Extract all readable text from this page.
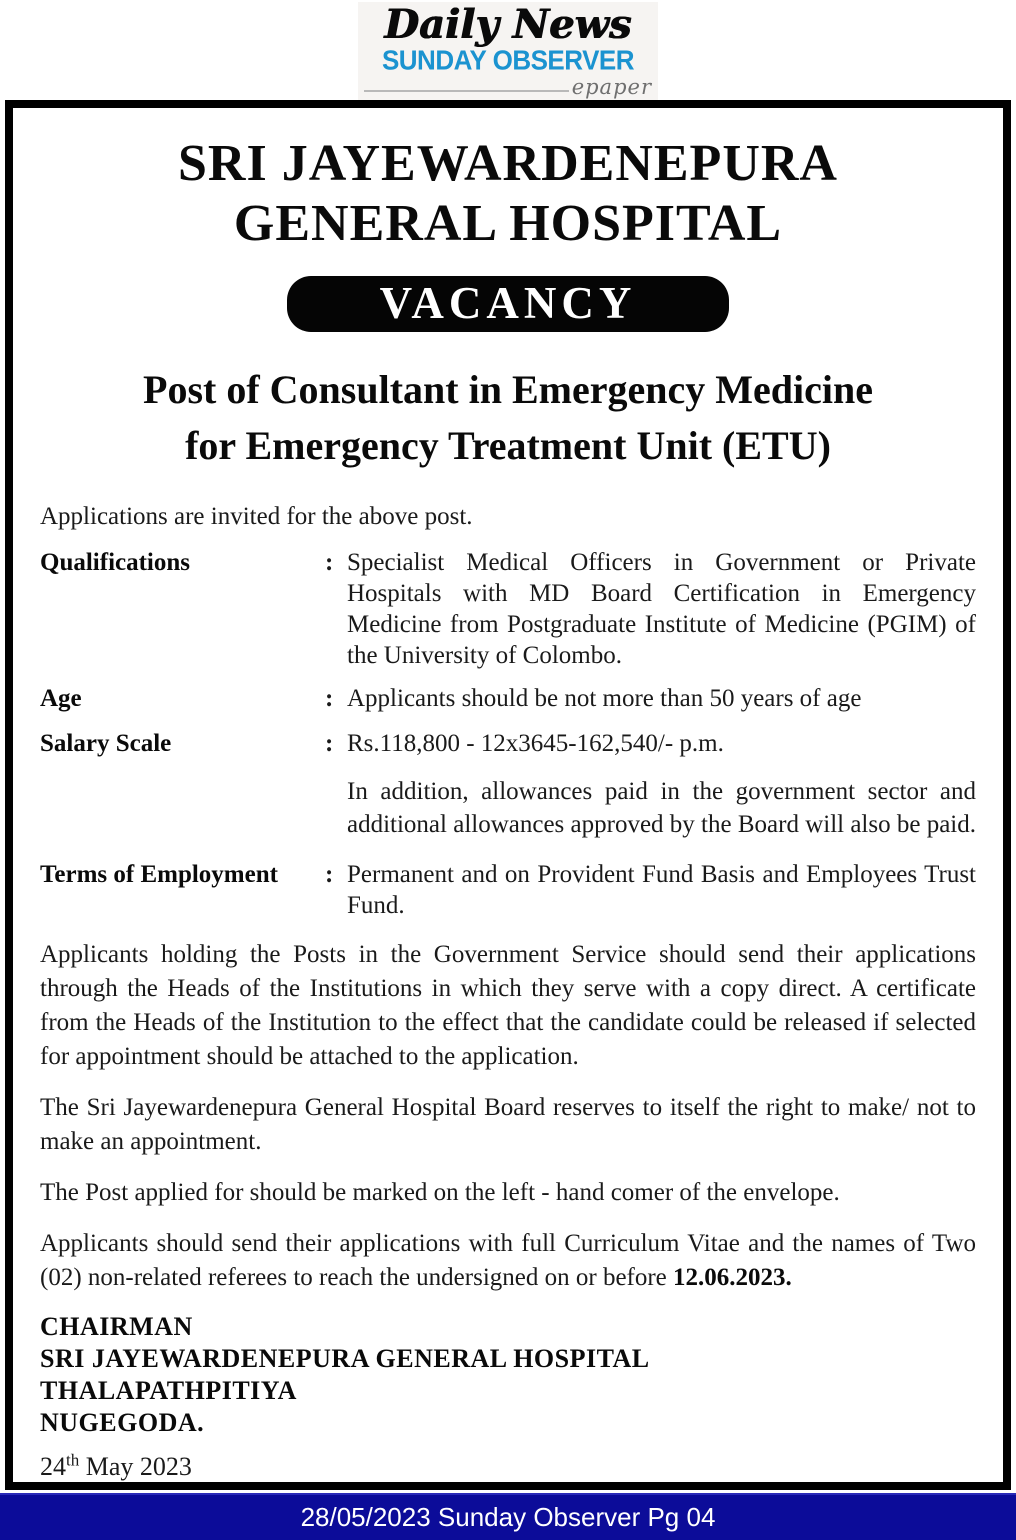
Daily News
SUNDAY OBSERVER
epaper
SRI JAYEWARDENEPURA
GENERAL HOSPITAL
VACANCY
Post of Consultant in Emergency Medicine
for Emergency Treatment Unit (ETU)

Applications are invited for the above post.

Qualifications	: Specialist Medical Officers in Government or Private Hospitals with MD Board Certification in Emergency Medicine from Postgraduate Institute of Medicine (PGIM) of the University of Colombo.
Age	: Applicants should be not more than 50 years of age
Salary Scale	: Rs.118,800 - 12x3645-162,540/- p.m.
In addition, allowances paid in the government sector and additional allowances approved by the Board will also be paid.
Terms of Employment	: Permanent and on Provident Fund Basis and Employees Trust Fund.

Applicants holding the Posts in the Government Service should send their applications through the Heads of the Institutions in which they serve with a copy direct. A certificate from the Heads of the Institution to the effect that the candidate could be released if selected for appointment should be attached to the application.

The Sri Jayewardenepura General Hospital Board reserves to itself the right to make/ not to make an appointment.

The Post applied for should be marked on the left - hand comer of the envelope.

Applicants should send their applications with full Curriculum Vitae and the names of Two (02) non-related referees to reach the undersigned on or before 12.06.2023.

CHAIRMAN
SRI JAYEWARDENEPURA GENERAL HOSPITAL
THALAPATHPITIYA
NUGEGODA.

24th May 2023

28/05/2023 Sunday Observer Pg 04
